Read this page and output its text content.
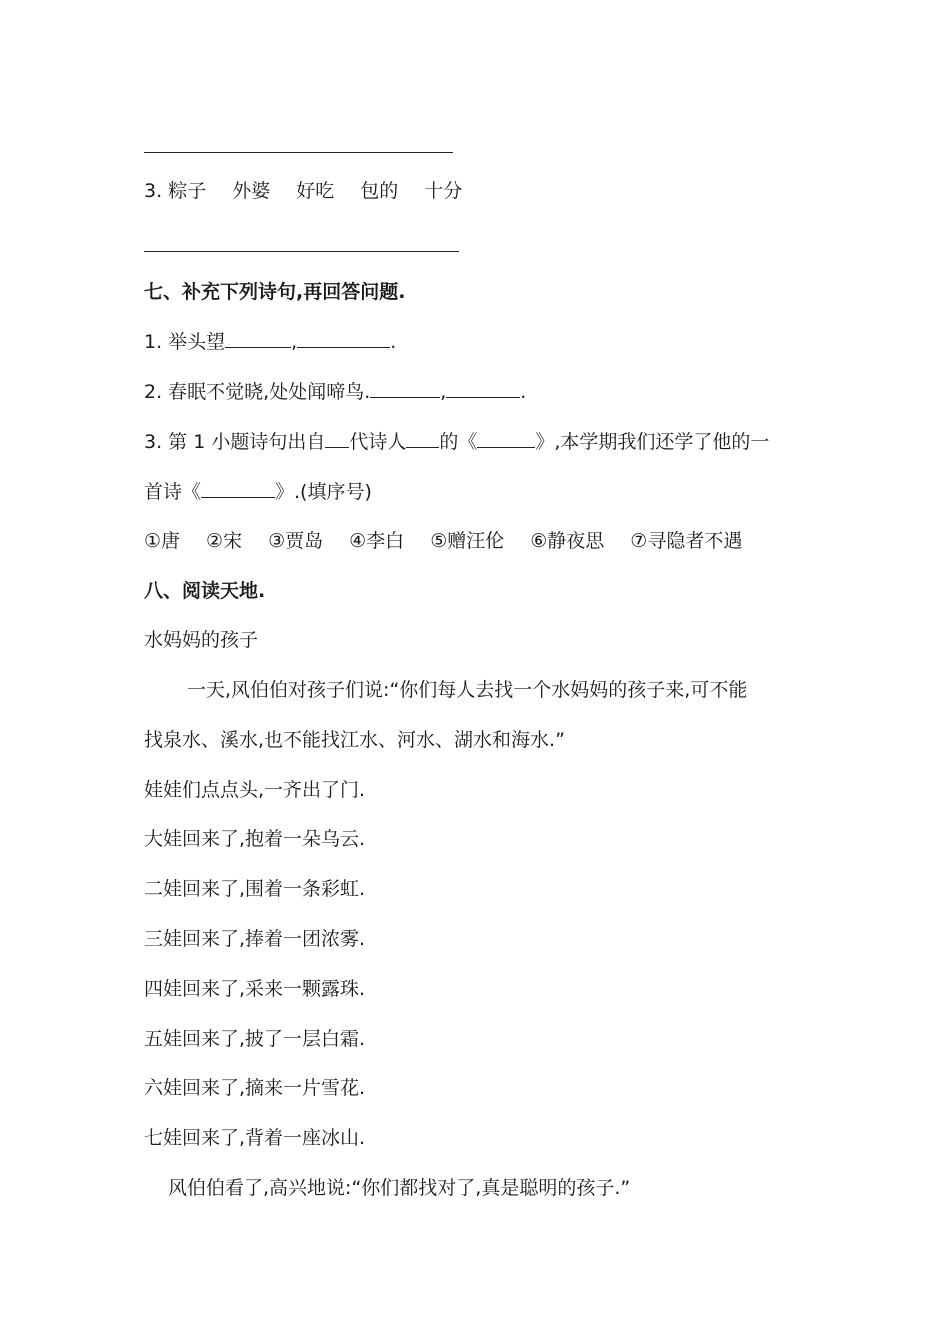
3. 粽子 外婆 好吃 包的 十分
七、补充下列诗句,再回答问题.
1. 举头望	,	.
2. 春眠不觉晓,处处闻啼鸟.	,	.
3. 第 1 小题诗句出自 代诗人 的《	》,本学期我们还学了他的一
首诗《	》.(填序号)
①唐 ②宋 ③贾岛 ④李白 ⑤赠汪伦 ⑥静夜思 ⑦寻隐者不遇
八、阅读天地.
水妈妈的孩子
一天,风伯伯对孩子们说:“你们每人去找一个水妈妈的孩子来,可不能
找泉水、溪水,也不能找江水、河水、湖水和海水.”
娃娃们点点头,一齐出了门.
大娃回来了,抱着一朵乌云.
二娃回来了,围着一条彩虹.
三娃回来了,捧着一团浓雾.
四娃回来了,采来一颗露珠.
五娃回来了,披了一层白霜.
六娃回来了,摘来一片雪花.
七娃回来了,背着一座冰山.
风伯伯看了,高兴地说:“你们都找对了,真是聪明的孩子.”
